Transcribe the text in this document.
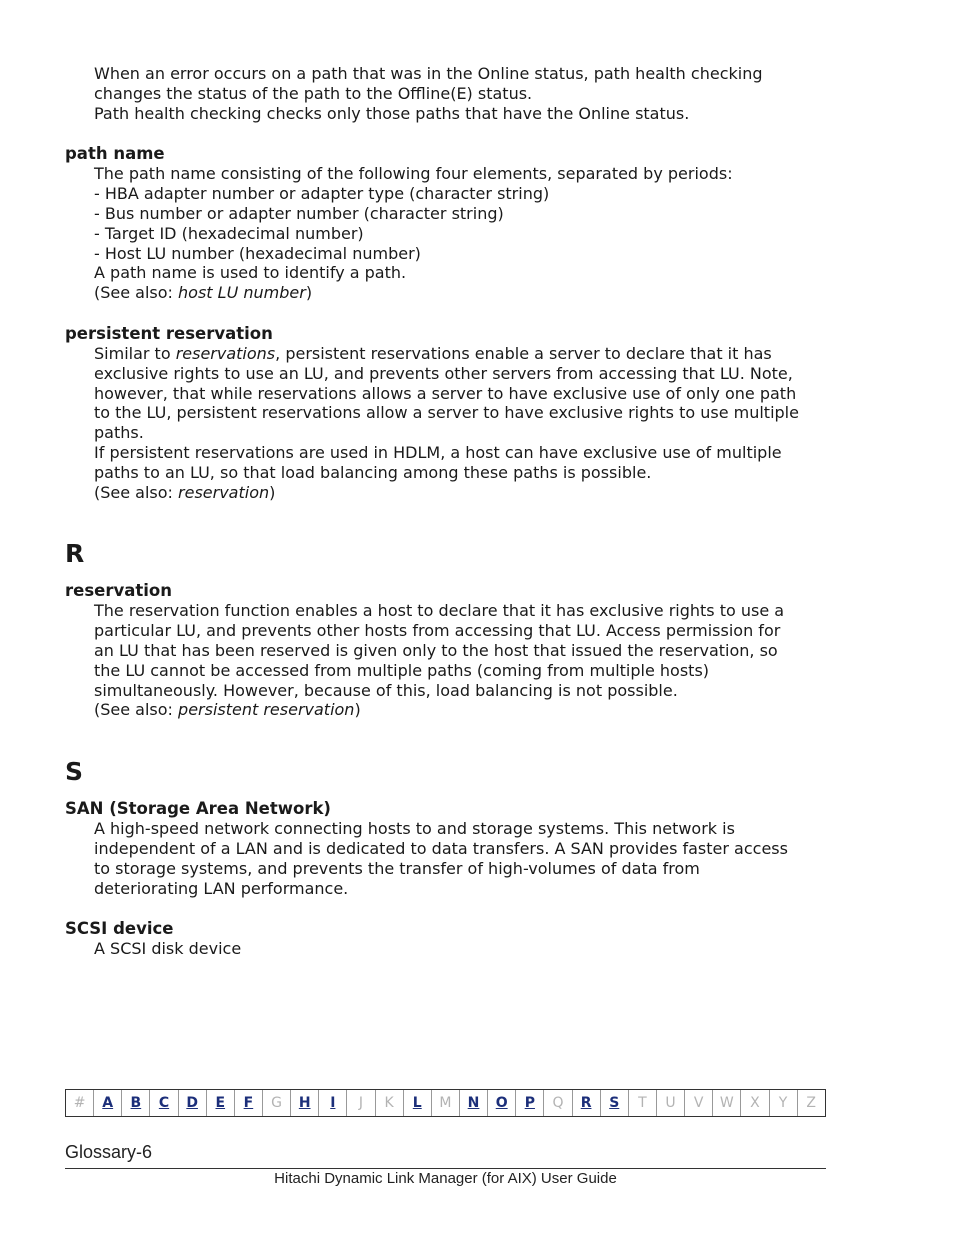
When an error occurs on a path that was in the Online status, path health checking

changes the status of the path to the Offline(E) status.

Path health checking checks only those paths that have the Online status.

path name

The path name consisting of the following four elements, separated by periods:

- HBA adapter number or adapter type (character string)

- Bus number or adapter number (character string)

- Target ID (hexadecimal number)

- Host LU number (hexadecimal number)

A path name is used to identify a path.

(See also: host LU number)

persistent reservation

Similar to reservations, persistent reservations enable a server to declare that it has

exclusive rights to use an LU, and prevents other servers from accessing that LU. Note,

however, that while reservations allows a server to have exclusive use of only one path

to the LU, persistent reservations allow a server to have exclusive rights to use multiple

paths.

If persistent reservations are used in HDLM, a host can have exclusive use of multiple

paths to an LU, so that load balancing among these paths is possible.

(See also: reservation)

R

reservation

The reservation function enables a host to declare that it has exclusive rights to use a

particular LU, and prevents other hosts from accessing that LU. Access permission for

an LU that has been reserved is given only to the host that issued the reservation, so

the LU cannot be accessed from multiple paths (coming from multiple hosts)

simultaneously. However, because of this, load balancing is not possible.

(See also: persistent reservation)

S

SAN (Storage Area Network)

A high-speed network connecting hosts to and storage systems. This network is

independent of a LAN and is dedicated to data transfers. A SAN provides faster access

to storage systems, and prevents the transfer of high-volumes of data from

deteriorating LAN performance.

SCSI device

A SCSI disk device

#	A	B	C	D	E	F	G	H	I	J	K	L	M	N	O	P	Q	R	S	T	U	V	W	X	Y	Z
Glossary-6
Hitachi Dynamic Link Manager (for AIX) User Guide
